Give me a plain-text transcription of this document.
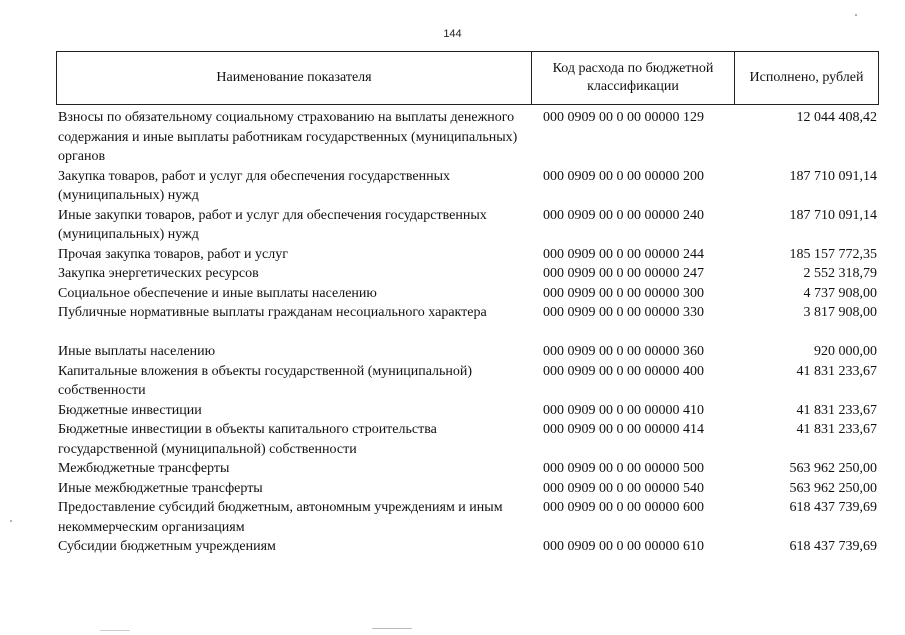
144
Наименование показателя
Код расхода по бюджетной классификации
Исполнено, рублей
Взносы по обязательному социальному страхованию на выплаты денежного содержания и иные выплаты работникам государственных (муниципальных) органов
000 0909 00 0 00 00000 129	12 044 408,42
Закупка товаров, работ и услуг для обеспечения государственных (муниципальных) нужд
000 0909 00 0 00 00000 200	187 710 091,14
Иные закупки товаров, работ и услуг для обеспечения государственных (муниципальных) нужд
000 0909 00 0 00 00000 240	187 710 091,14
Прочая закупка товаров, работ и услуг	000 0909 00 0 00 00000 244	185 157 772,35
Закупка энергетических ресурсов	000 0909 00 0 00 00000 247	2 552 318,79
Социальное обеспечение и иные выплаты населению	000 0909 00 0 00 00000 300	4 737 908,00
Публичные нормативные выплаты гражданам несоциального характера	000 0909 00 0 00 00000 330	3 817 908,00
Иные выплаты населению	000 0909 00 0 00 00000 360	920 000,00
Капитальные вложения в объекты государственной (муниципальной) собственности
000 0909 00 0 00 00000 400	41 831 233,67
Бюджетные инвестиции	000 0909 00 0 00 00000 410	41 831 233,67
Бюджетные инвестиции в объекты капитального строительства государственной (муниципальной) собственности
000 0909 00 0 00 00000 414	41 831 233,67
Межбюджетные трансферты	000 0909 00 0 00 00000 500	563 962 250,00
Иные межбюджетные трансферты	000 0909 00 0 00 00000 540	563 962 250,00
Предоставление субсидий бюджетным, автономным учреждениям и иным некоммерческим организациям
000 0909 00 0 00 00000 600	618 437 739,69
Субсидии бюджетным учреждениям	000 0909 00 0 00 00000 610	618 437 739,69
